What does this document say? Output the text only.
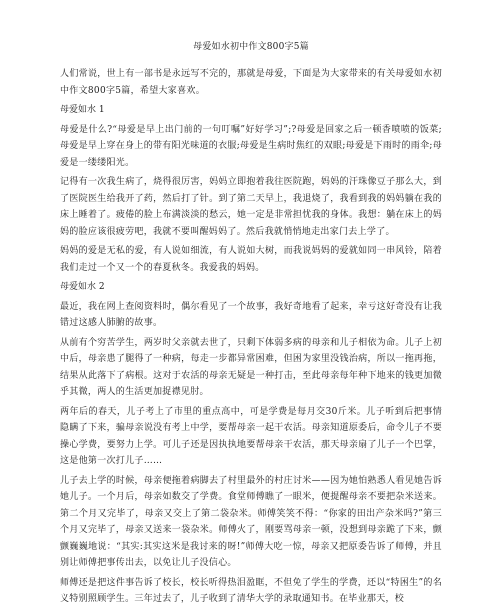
母爱如水初中作文800字5篇

人们常说，世上有一部书是永远写不完的，那就是母爱，下面是为大家带来的有关母爱如水初中作文800字5篇，希望大家喜欢。

母爱如水 1

母爱是什么?“母爱是早上出门前的一句叮嘱”好好学习”;?母爱是回家之后一顿香喷喷的饭菜;母爱是早上穿在身上的带有阳光味道的衣服;母爱是生病时焦红的双眼;母爱是下雨时的雨伞;母爱是一缕缕阳光。

记得有一次我生病了，烧得很厉害，妈妈立即抱着我往医院跑，妈妈的汗珠像豆子那么大，到了医院医生给我开了药，然后打了针。到了第二天早上，我退烧了，我看到我的妈妈躺在我的床上睡着了。疲倦的脸上布满淡淡的愁云，她一定是非常担忧我的身体。我想：躺在床上的妈妈的脸应该很疲劳吧，我就不要叫醒妈妈了。然后我就悄悄地走出家门去上学了。

妈妈的爱是无私的爱，有人说如细流，有人说如大树，而我说妈妈的爱就如同一串风铃，陪着我们走过一个又一个的春夏秋冬。我爱我的妈妈。

母爱如水 2

最近，我在网上查阅资料时，偶尔看见了一个故事，我好奇地看了起来，幸亏这好奇没有让我错过这感人肺腑的故事。

从前有个穷苦学生，两岁时父亲就去世了，只剩下体弱多病的母亲和儿子相依为命。儿子上初中后，母亲患了腿得了一种病，每走一步都异常困难，但困为家里没钱治病，所以一拖再拖，结果从此落下了病根。这对于农活的母亲无疑是一种打击，至此母亲每年种下地来的钱更加微乎其微，两人的生活更加捉襟见肘。

两年后的春天，儿子考上了市里的重点高中，可是学费是每月交30斤米。儿子听到后把事情隐瞒了下来，骗母亲说没有考上中学，要帮母亲一起干农活。母亲知道原委后，命令儿子不要操心学费，要努力上学。可儿子还是因执执地要帮母亲干农活，那天母亲扇了儿子一个巴掌，这是他第一次打儿子……

儿子去上学的时候，母亲便拖着病脚去了村里最外的村庄讨米——因为她怕熟悉人看见她告诉她儿子。一个月后，母亲如数交了学费。食堂师傅瞧了一眼米，便提醒母亲不要把杂米送来。第二个月又完毕了，母亲又交上了第二袋杂米。师傅笑笑不得：“你家的田出产杂米吗?”第三个月又完毕了，母亲又送来一袋杂米。师傅火了，刚要骂母亲一顿，没想到母亲跪了下来，颤颤巍巍地说：“其实:其实这米是我讨来的呀!”师傅大吃一惊，母亲又把原委告诉了师傅，并且别让师傅把事传出去，以免让儿子没信心。

师傅还是把这件事告诉了校长，校长听得热泪盈眶，不但免了学生的学费，还以“特困生”的名义特别照顾学生。三年过去了，儿子收到了清华大学的录取通知书。在毕业那天，校
